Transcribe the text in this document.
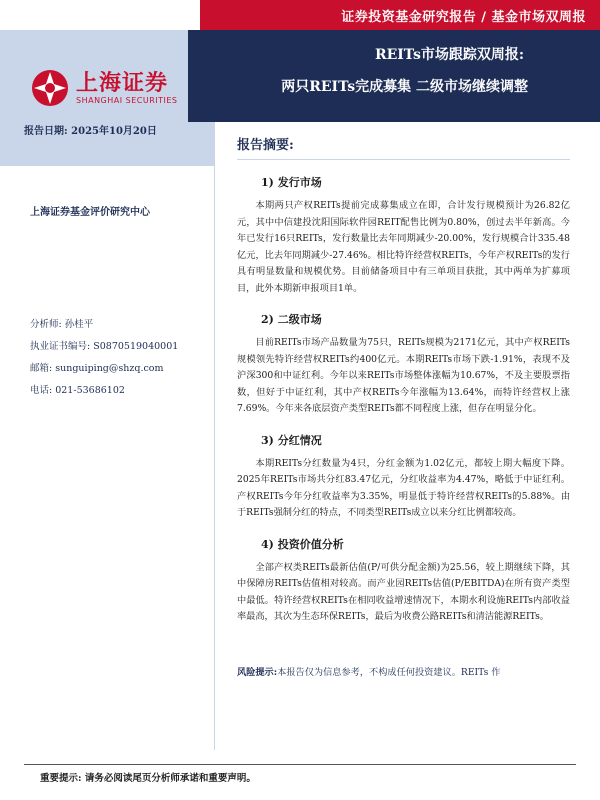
证券投资基金研究报告 / 基金市场双周报
REITs市场跟踪双周报:
两只REITs完成募集 二级市场继续调整
上海证券
SHANGHAI SECURITIES
报告日期: 2025年10月20日
上海证券基金评价研究中心
分析师: 孙桂平
执业证书编号: S0870519040001
邮箱: sunguiping@shzq.com
电话: 021-53686102
报告摘要:
1) 发行市场

本期两只产权REITs提前完成募集成立在即，合计发行规模预计为26.82亿元，其中中信建投沈阳国际软件园REIT配售比例为0.80%，创过去半年新高。今年已发行16只REITs，发行数量比去年同期减少-20.00%，发行规模合计335.48亿元，比去年同期减少-27.46%。相比特许经营权REITs，今年产权REITs的发行具有明显数量和规模优势。目前储备项目中有三单项目获批，其中两单为扩募项目，此外本期新申报项目1单。

2) 二级市场

目前REITs市场产品数量为75只，REITs规模为2171亿元，其中产权REITs规模领先特许经营权REITs约400亿元。本期REITs市场下跌-1.91%，表现不及沪深300和中证红利。今年以来REITs市场整体涨幅为10.67%，不及主要股票指数，但好于中证红利，其中产权REITs今年涨幅为13.64%，而特许经营权上涨7.69%。今年来各底层资产类型REITs都不同程度上涨，但存在明显分化。

3) 分红情况

本期REITs分红数量为4只，分红金额为1.02亿元，都较上期大幅度下降。2025年REITs市场共分红83.47亿元，分红收益率为4.47%，略低于中证红利。产权REITs今年分红收益率为3.35%，明显低于特许经营权REITs的5.88%。由于REITs强制分红的特点，不同类型REITs成立以来分红比例都较高。

4) 投资价值分析

全部产权类REITs最新估值(P/可供分配金额)为25.56，较上期继续下降，其中保障房REITs估值相对较高。而产业园REITs估值(P/EBITDA)在所有资产类型中最低。特许经营权REITs在相同收益增速情况下，本期水利设施REITs内部收益率最高，其次为生态环保REITs，最后为收费公路REITs和清洁能源REITs。

风险提示:本报告仅为信息参考，不构成任何投资建议。REITs 作
重要提示: 请务必阅读尾页分析师承诺和重要声明。
